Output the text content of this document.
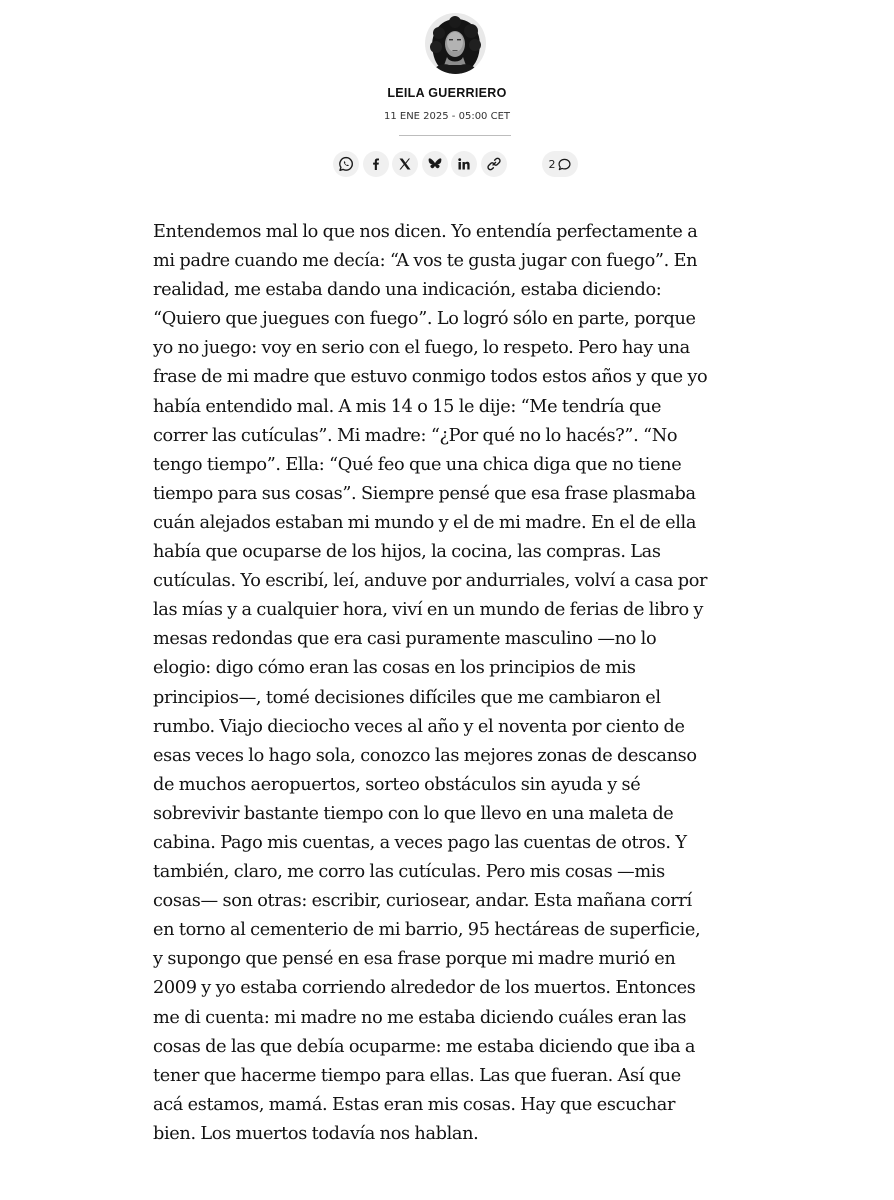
LEILA GUERRIERO
11 ENE 2025 - 05:00 CET
2

Entendemos mal lo que nos dicen. Yo entendía perfectamente a
mi padre cuando me decía: “A vos te gusta jugar con fuego”. En
realidad, me estaba dando una indicación, estaba diciendo:
“Quiero que juegues con fuego”. Lo logró sólo en parte, porque
yo no juego: voy en serio con el fuego, lo respeto. Pero hay una
frase de mi madre que estuvo conmigo todos estos años y que yo
había entendido mal. A mis 14 o 15 le dije: “Me tendría que
correr las cutículas”. Mi madre: “¿Por qué no lo hacés?”. “No
tengo tiempo”. Ella: “Qué feo que una chica diga que no tiene
tiempo para sus cosas”. Siempre pensé que esa frase plasmaba
cuán alejados estaban mi mundo y el de mi madre. En el de ella
había que ocuparse de los hijos, la cocina, las compras. Las
cutículas. Yo escribí, leí, anduve por andurriales, volví a casa por
las mías y a cualquier hora, viví en un mundo de ferias de libro y
mesas redondas que era casi puramente masculino —no lo
elogio: digo cómo eran las cosas en los principios de mis
principios—, tomé decisiones difíciles que me cambiaron el
rumbo. Viajo dieciocho veces al año y el noventa por ciento de
esas veces lo hago sola, conozco las mejores zonas de descanso
de muchos aeropuertos, sorteo obstáculos sin ayuda y sé
sobrevivir bastante tiempo con lo que llevo en una maleta de
cabina. Pago mis cuentas, a veces pago las cuentas de otros. Y
también, claro, me corro las cutículas. Pero mis cosas —mis
cosas— son otras: escribir, curiosear, andar. Esta mañana corrí
en torno al cementerio de mi barrio, 95 hectáreas de superficie,
y supongo que pensé en esa frase porque mi madre murió en
2009 y yo estaba corriendo alrededor de los muertos. Entonces
me di cuenta: mi madre no me estaba diciendo cuáles eran las
cosas de las que debía ocuparme: me estaba diciendo que iba a
tener que hacerme tiempo para ellas. Las que fueran. Así que
acá estamos, mamá. Estas eran mis cosas. Hay que escuchar
bien. Los muertos todavía nos hablan.
